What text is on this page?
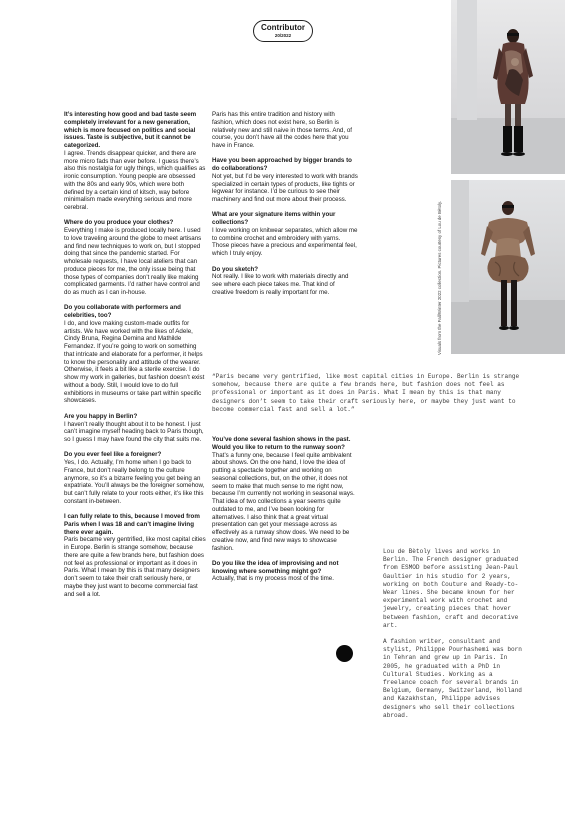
Contributor
20/2022

It’s interesting how good and bad taste seem completely irrelevant for a new generation, which is more focused on politics and social issues. Taste is subjective, but it cannot be categorized.
I agree. Trends disappear quicker, and there are more micro fads than ever before. I guess there’s also this nostalgia for ugly things, which qualifies as ironic consumption. Young people are obsessed with the 80s and early 90s, which were both defined by a certain kind of kitsch, way before minimalism made everything serious and more cerebral.

Where do you produce your clothes?
Everything I make is produced locally here. I used to love traveling around the globe to meet artisans and find new techniques to work on, but I stopped doing that since the pandemic started. For wholesale requests, I have local ateliers that can produce pieces for me, the only issue being that those types of companies don’t really like making complicated garments. I’d rather have control and do as much as I can in-house.

Do you collaborate with performers and celebrities, too?
I do, and love making custom-made outfits for artists. We have worked with the likes of Adele, Cindy Bruna, Regina Demina and Mathilde Fernandez. If you’re going to work on something that intricate and elaborate for a performer, it helps to know the personality and attitude of the wearer. Otherwise, it feels a bit like a sterile exercise. I do show my work in galleries, but fashion doesn’t exist without a body. Still, I would love to do full exhibitions in museums or take part within specific showcases.

Are you happy in Berlin?
I haven’t really thought about it to be honest. I just can’t imagine myself heading back to Paris though, so I guess I may have found the city that suits me.

Do you ever feel like a foreigner?
Yes, I do. Actually, I’m home when I go back to France, but don’t really belong to the culture anymore, so it’s a bizarre feeling you get being an expatriate. You’ll always be the foreigner somehow, but can’t fully relate to your roots either, it’s like this constant in-between.

I can fully relate to this, because I moved from Paris when I was 18 and can’t imagine living there ever again.
Paris became very gentrified, like most capital cities in Europe. Berlin is strange somehow, because there are quite a few brands here, but fashion does not feel as professional or important as it does in Paris. What I mean by this is that many designers don’t seem to take their craft seriously here, or maybe they just want to become commercial fast and sell a lot.

Paris has this entire tradition and history with fashion, which does not exist here, so Berlin is relatively new and still naive in those terms. And, of course, you don’t have all the codes here that you have in France.

Have you been approached by bigger brands to do collaborations?
Not yet, but I’d be very interested to work with brands specialized in certain types of products, like tights or legwear for instance. I’d be curious to see their machinery and find out more about their process.

What are your signature items within your collections?
I love working on knitwear separates, which allow me to combine crochet and embroidery with yarns. Those pieces have a precious and experimental feel, which I truly enjoy.

Do you sketch?
Not really. I like to work with materials directly and see where each piece takes me. That kind of creative freedom is really important for me.

“Paris became very gentrified, like most capital cities in Europe. Berlin is strange somehow, because there are quite a few brands here, but fashion does not feel as professional or important as it does in Paris. What I mean by this is that many designers don’t seem to take their craft seriously here, or maybe they just want to become commercial fast and sell a lot.”

You’ve done several fashion shows in the past. Would you like to return to the runway soon?
That’s a funny one, because I feel quite ambivalent about shows. On the one hand, I love the idea of putting a spectacle together and working on seasonal collections, but, on the other, it does not seem to make that much sense to me right now, because I’m currently not working in seasonal ways. That idea of two collections a year seems quite outdated to me, and I’ve been looking for alternatives. I also think that a great virtual presentation can get your message across as effectively as a runway show does. We need to be creative now, and find new ways to showcase fashion.

Do you like the idea of improvising and not knowing where something might go?
Actually, that is my process most of the time.

Lou de Bètoly lives and works in Berlin. The French designer graduated from ESMOD before assisting Jean-Paul Gaultier in his studio for 2 years, working on both Couture and Ready-to-Wear lines. She became known for her experimental work with crochet and jewelry, creating pieces that hover between fashion, craft and decorative art.

A fashion writer, consultant and stylist, Philippe Pourhashemi was born in Tehran and grew up in Paris. In 2005, he graduated with a PhD in Cultural Studies. Working as a freelance coach for several brands in Belgium, Germany, Switzerland, Holland and Kazakhstan, Philippe advises designers who sell their collections abroad.

Visuals from the Fall/Winter 2022 collection. Pictures courtesy of Lou de Bètoly.
